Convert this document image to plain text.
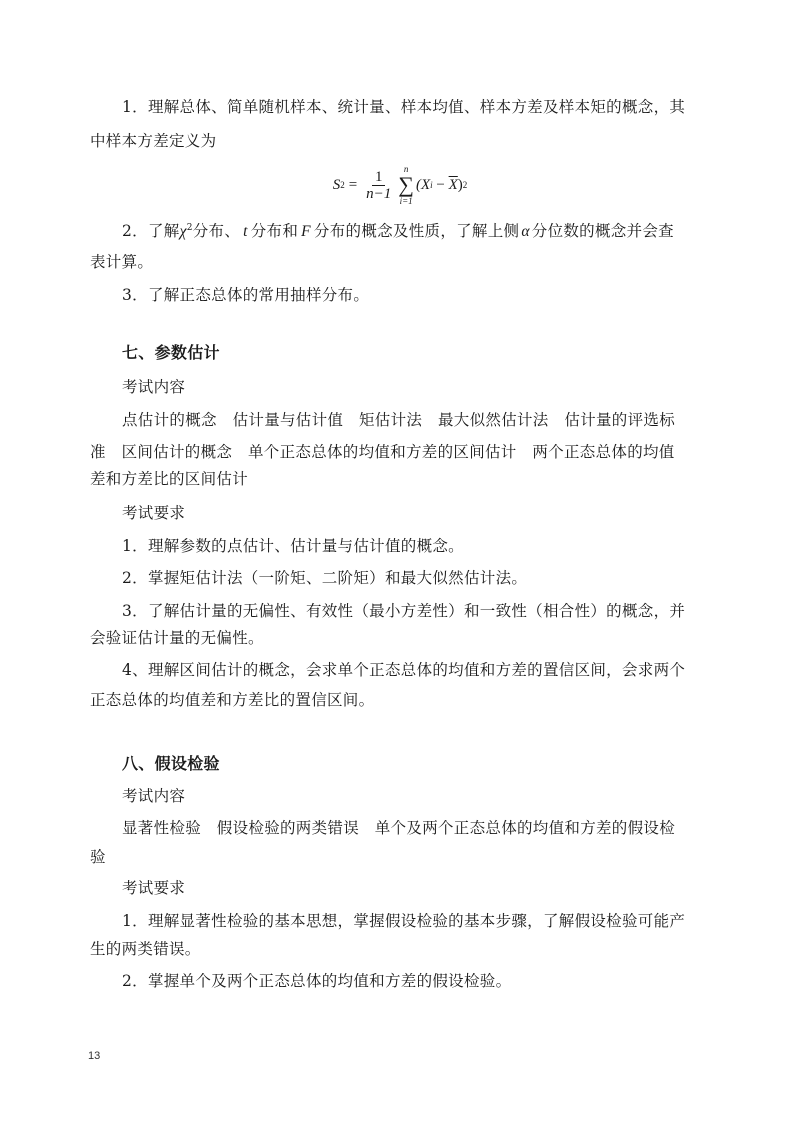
1．理解总体、简单随机样本、统计量、样本均值、样本方差及样本矩的概念，其
中样本方差定义为
S $2 = \frac{1}{n-1}$ n
∑
i=1
(X $i - \overline{X}$ ) 2
2．了解$\chi^2$分布、 t 分布和 F 分布的概念及性质，了解上侧 α 分位数的概念并会查
表计算。
3．了解正态总体的常用抽样分布。
七、参数估计
考试内容
点估计的概念　估计量与估计值　矩估计法　最大似然估计法　估计量的评选标
准　区间估计的概念　单个正态总体的均值和方差的区间估计　两个正态总体的均值
差和方差比的区间估计
考试要求
1．理解参数的点估计、估计量与估计值的概念。
2．掌握矩估计法（一阶矩、二阶矩）和最大似然估计法。
3．了解估计量的无偏性、有效性（最小方差性）和一致性（相合性）的概念，并
会验证估计量的无偏性。
4、理解区间估计的概念，会求单个正态总体的均值和方差的置信区间，会求两个
正态总体的均值差和方差比的置信区间。
八、假设检验
考试内容
显著性检验　假设检验的两类错误　单个及两个正态总体的均值和方差的假设检
验
考试要求
1．理解显著性检验的基本思想，掌握假设检验的基本步骤，了解假设检验可能产
生的两类错误。
2．掌握单个及两个正态总体的均值和方差的假设检验。
13
